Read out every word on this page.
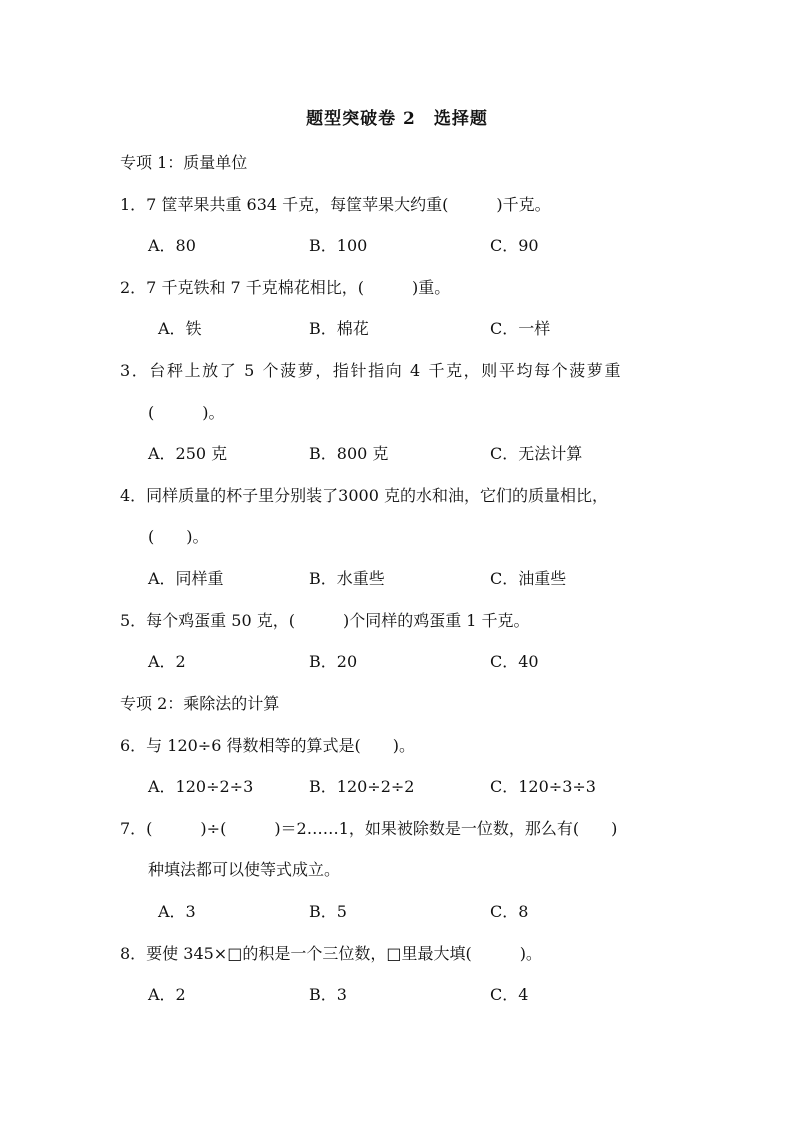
题型突破卷 2　选择题
专项 1：质量单位
1．7 筐苹果共重 634 千克，每筐苹果大约重(　　　)千克。
A．80	B．100	C．90
2．7 千克铁和 7 千克棉花相比，(　　　)重。
A．铁	B．棉花	C．一样
3．台秤上放了 5 个菠萝，指针指向 4 千克，则平均每个菠萝重
(　　　)。
A．250 克	B．800 克	C．无法计算
4．同样质量的杯子里分别装了3000 克的水和油，它们的质量相比，
(　　)。
A．同样重	B．水重些	C．油重些
5．每个鸡蛋重 50 克，(　　　)个同样的鸡蛋重 1 千克。
A．2	B．20	C．40
专项 2：乘除法的计算
6．与 120÷6 得数相等的算式是(　　)。
A．120÷2÷3	B．120÷2÷2	C．120÷3÷3
7．(　　　)÷(　　　)＝2……1，如果被除数是一位数，那么有(　　)
种填法都可以使等式成立。
A．3	B．5	C．8
8．要使 345×□的积是一个三位数，□里最大填(　　　)。
A．2	B．3	C．4
